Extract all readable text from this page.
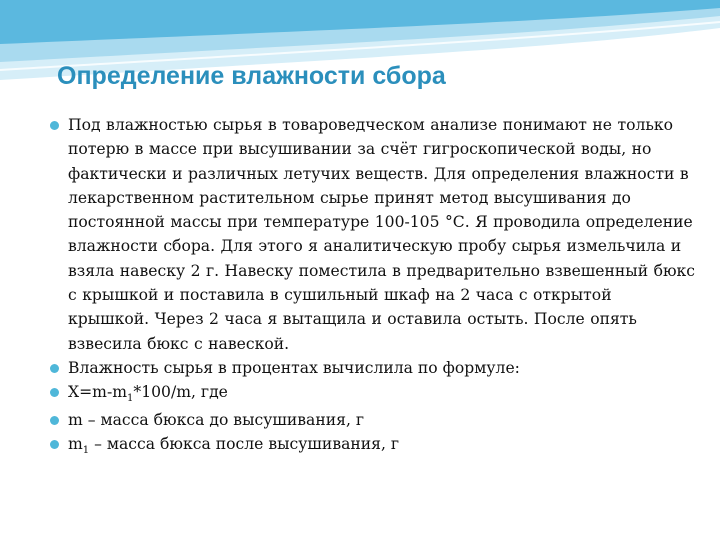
Определение влажности сбора
Под влажностью сырья в товароведческом анализе понимают не только потерю в массе при высушивании за счёт гигроскопической воды, но фактически и различных летучих веществ. Для определения влажности в лекарственном растительном сырье принят метод высушивания до постоянной массы при температуре 100-105 °С. Я проводила определение влажности сбора. Для этого я аналитическую пробу сырья измельчила и взяла навеску 2 г. Навеску поместила в предварительно взвешенный бюкс с крышкой и поставила в сушильный шкаф на 2 часа с открытой крышкой. Через 2 часа я вытащила и оставила остыть. После опять взвесила бюкс с навеской.
Влажность сырья в процентах вычислила по формуле:
$X=m-m_1*100/m$, где
m – масса бюкса до высушивания, г
$m_1$ – масса бюкса после высушивания, г
